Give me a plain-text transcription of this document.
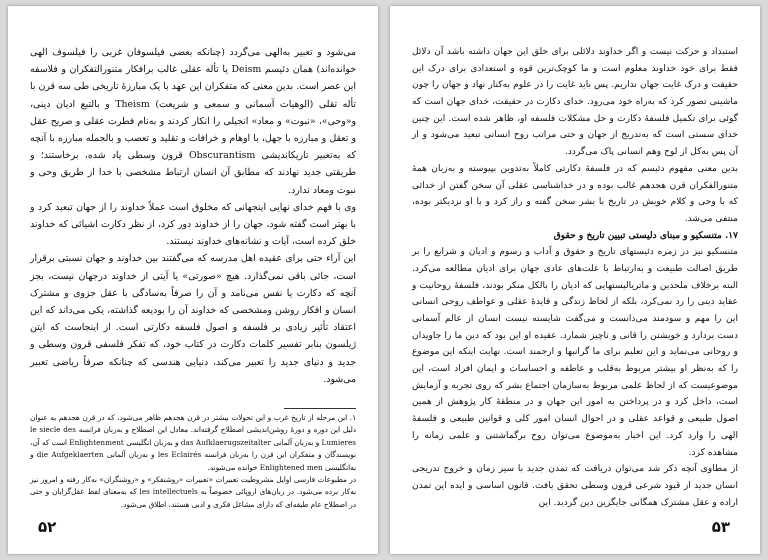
می‌شود و تعبیر به‌الهی می‌گردد (چنانکه بعضی فیلسوفان غربی را فیلسوف الهی خوانده‌اند) همان دئیسم Deism یا تأله عقلی غالب برافکار متنورالتفکران و فلاسفه این عصر است. بدین معنی که متفکران این عهد با یک مبارزهٔ تاریخی طی سه قرن با تأله تقلی (الوهیات آسمانی و سمعی و شریعت) Theism و بالتبع ادیان دینی، و«وحی»، «نبوت» و معاد» انجیلی را انکار کردند و به‌نام فطرت عقلی و صریح عقل و تعقل و مبارزه با جهل، با اوهام و خرافات و تقلید و تعصب و بالجمله مبارزه با آنچه که به‌تعبیر تاریکاندیشی Obscurantism قرون وسطی یاد شده، برخاستند؛ و طریقتی جدید نهادند که مطابق آن انسان ارتباط مشخصی با خدا از طریق وحی و نبوت ومعاد ندارد.

وی با فهم خدای نهایی اینجهانی که مخلوق است عملاً خداوند را از جهان تبعید کرد و با بهتر است گفته شود، جهان را از خداوند دور کرد، از نظر دکارت اشیائی که خداوند خلق کرده است، آیات و نشانه‌های خداوند نیستند.

این آراء حتی برای عقیده اهل مدرسه که می‌گفتند بین خداوند و جهان نسبتی برقرار است، جائی باقی نمی‌گذارد. هیچ «صورتی» یا آیتی از خداوند درجهان نیست، بجز آنچه که دکارت یا نفس می‌نامد و آن را صرفاً به‌سادگی با عقل جزوی و مشترک انسان و افکار روشن ومشخصی که خداوند آن را بودیعه گذاشته، یکی می‌داند که این اعتقاد تأثیر زیادی بر فلسفه و اصول فلسفه دکارتی است. از اینجاست که ایتن ژیلسون بنابر تفسیر کلمات دکارت در کتاب خود، که تفکر فلسفی قرون وسطی و جدید و دنیای جدید را تعبیر می‌کند، دنیایی هندسی که چنانکه صرفاً ریاضی تعبیر می‌شود.

۱. این مرحله از تاریخ غرب و این تحولات بیشتر در قرن هجدهم ظاهر می‌شود، که در قرن هجدهم به عنوان دلیل این دوره و دورهٔ روشن‌اندیشی اصطلاح گرفته‌اند. معادل این اصطلاح و به‌زبان فرانسه le siecle des Lumieres و به‌زبان آلمانی das Aufklaerugszeitalter و به‌زبان انگلیسی Enlightenment است که آن، نویسندگان و متفکران این قرن را به‌زبان فرانسه les Eclairés و به‌زبان آلمانی die Aufgeklaerten و به‌انگلیسی Enlightened men خوانده می‌شوند.

در مطبوعات فارسی اوایل مشروطیت تعبیرات «تعبیرات «روشنفکر» و «روشنگران» به‌کار رفته و امروز نیز به‌کار برده می‌شود. در زبان‌های اروپائی خصوصاً به les intellectuels که به‌معنای لفظ عقل‌گرایان و حتی در اصطلاح عام طبقه‌ای که دارای مشاغل فکری و ادبی هستند، اطلاق می‌شود.

۵۲

استبداد و حرکت نیست و اگر خداوند دلائلی برای خلق این جهان داشته باشد آن دلائل فقط برای خود خداوند معلوم است و ما کوچک‌ترین قوه و استعدادی برای درک این حقیقت و درک غایت جهان نداریم. پس باید غایت را در علوم به‌کنار نهاد و جهان را چون ماشینی تصور کرد که به‌راه خود می‌رود. خدای دکارت در حقیقت، خدای جهان است که گوئی برای تکمیل فلسفهٔ دکارت و حل مشکلات فلسفه او، ظاهر شده است. این چنین خدای سستی است که به‌تدریج از جهان و حتی مراتب روح انسانی تبعید می‌شود و از آن پس به‌کل از لوح وهم انسانی پاک می‌گردد.

بدین معنی مفهوم دئیسم که در فلسفهٔ دکارتی کاملاً به‌تدوین بپیوسته و به‌زبان همهٔ متنورالفکران قرن هجدهم غالب بوده و در خداشناسی عقلی آن سخن گفتن از خدائی که با وحی و کلام خویش در تاریخ با بشر سخن گفته و راز کرد و با او نزدیکتر بوده، منتفی می‌شد.

۱۷. متنسکیو و مبنای دلیستی تبیین تاریخ و حقوق

متنسکیو نیز در زمره دئیستهای تاریخ و حقوق و آداب و رسوم و ادیان و شرایع را بر طریق اصالت طبیعت و به‌ارتباط با علت‌های عادی جهان برای ادیان مطالعه می‌کرد. البته برخلاف ملحدین و ماتریالیستهایی که ادیان را بالکل منکر بودند، فلسفهٔ روحانیت و عقاید دینی را رد نمی‌کرد، بلکه از لحاظ زندگی و فایدهٔ عقلی و عواطف روحی انسانی این را مهم و سودمند می‌دانست و می‌گفت شایسته نیست انسان از عالم آسمانی دست بردارد و خویشتن را قانی و ناچیز شمارد. عقیده او این بود که دین ما را جاویدان و روحانی می‌نماید و این تعلیم برای ما گرانبها و ارجمند است. نهایت اینکه این موضوع را که به‌نظر او بیشتر مربوط به‌قلب و عاطفه و احساسات و ایمان افراد است، این موضوعیست که از لحاظ علمی مربوط به‌سازمان اجتماع بشر که روی تجربه و آزمایش است، داخل کرد و در پرداختن به امور این جهان و در منطقهٔ کار پژوهش از همین اصول طبیعی و قواعد عقلی و در احوال انسان امور کلی و قوانین طبیعی و فلسفهٔ الهی را وارد کرد. این اخبار به‌موضوع می‌توان روح برگماشتنی و علمی زمانه را مشاهده کرد.

از مطاوی آنچه ذکر شد می‌توان دریافت که تمدن جدید با سیر زمان و خروج تدریجی انسان جدید از قیود شرعی قرون وسطی تحقق یافت. قانون اساسی و ایده این تمدن اراده و عقل مشترک همگانی جایگزین دین گردید. این

۵۳
